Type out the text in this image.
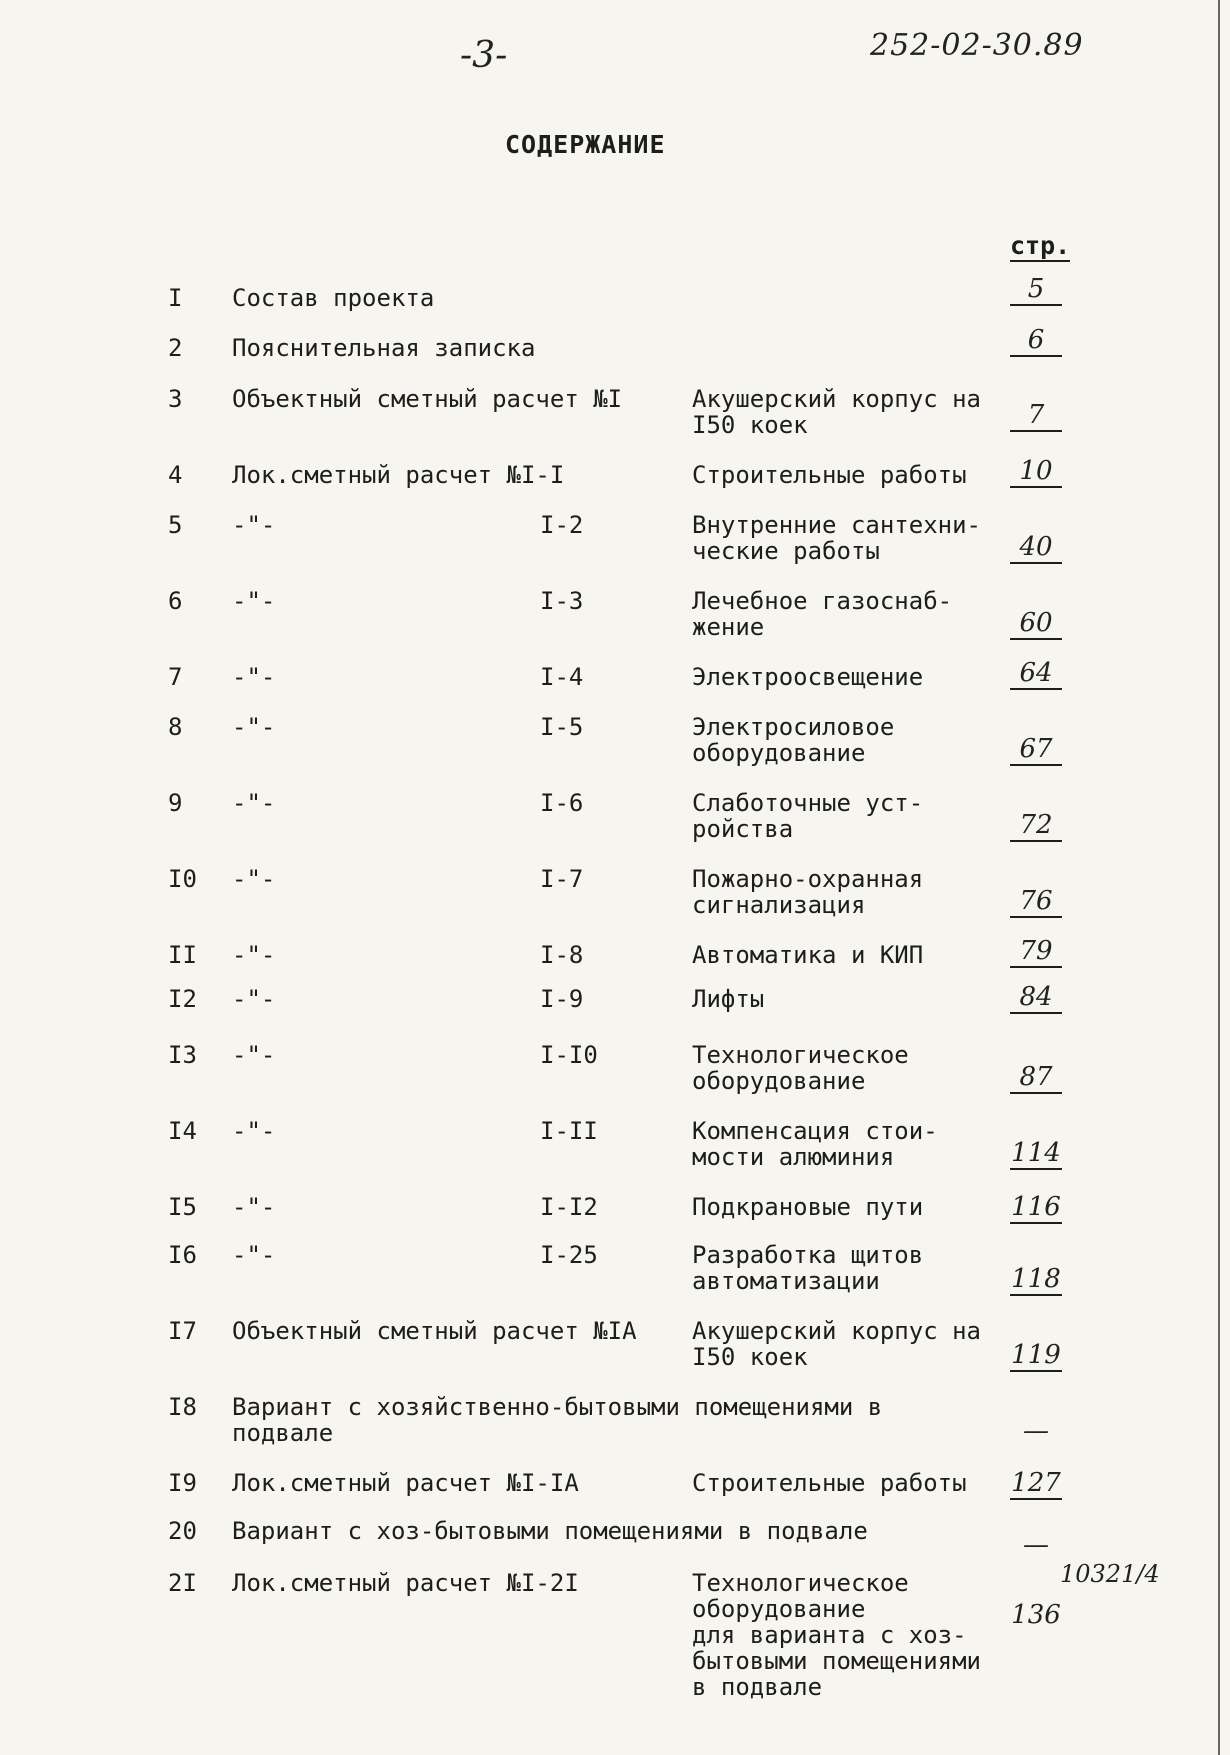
-3-	252-02-30.89
СОДЕРЖАНИЕ
стр.
I Состав проекта	5
2 Пояснительная записка	6
3 Объектный сметный расчет №I	Акушерский корпус на
I50 коек	7
4 Лок.сметный расчет №I-I	Строительные работы	10
5 -"-	I-2	Внутренние сантехни-
ческие работы	40
6 -"-	I-3	Лечебное газоснаб-
жение	60
7 -"-	I-4	Электроосвещение	64
8 -"-	I-5	Электросиловое
оборудование	67
9 -"-	I-6	Слаботочные уст-
ройства	72
I0 -"-	I-7	Пожарно-охранная
сигнализация	76
II -"-	I-8	Автоматика и КИП	79
I2 -"-	I-9	Лифты	84
I3 -"-	I-I0	Технологическое
оборудование	87
I4 -"-	I-II	Компенсация стои-
мости алюминия	114
I5 -"-	I-I2	Подкрановые пути	116
I6 -"-	I-25	Разработка щитов
автоматизации	118
I7 Объектный сметный расчет №IA Акушерский корпус на
I50 коек	119
I8 Вариант с хозяйственно-бытовыми помещениями в
подвале	—
I9 Лок.сметный расчет №I-IA	Строительные работы 127
20 Вариант с хоз-бытовыми помещениями в подвале	—
2I Лок.сметный расчет №I-2I	Технологическое
оборудование
для варианта с хоз-
бытовыми помещениями
в подвале
136
10321/4
